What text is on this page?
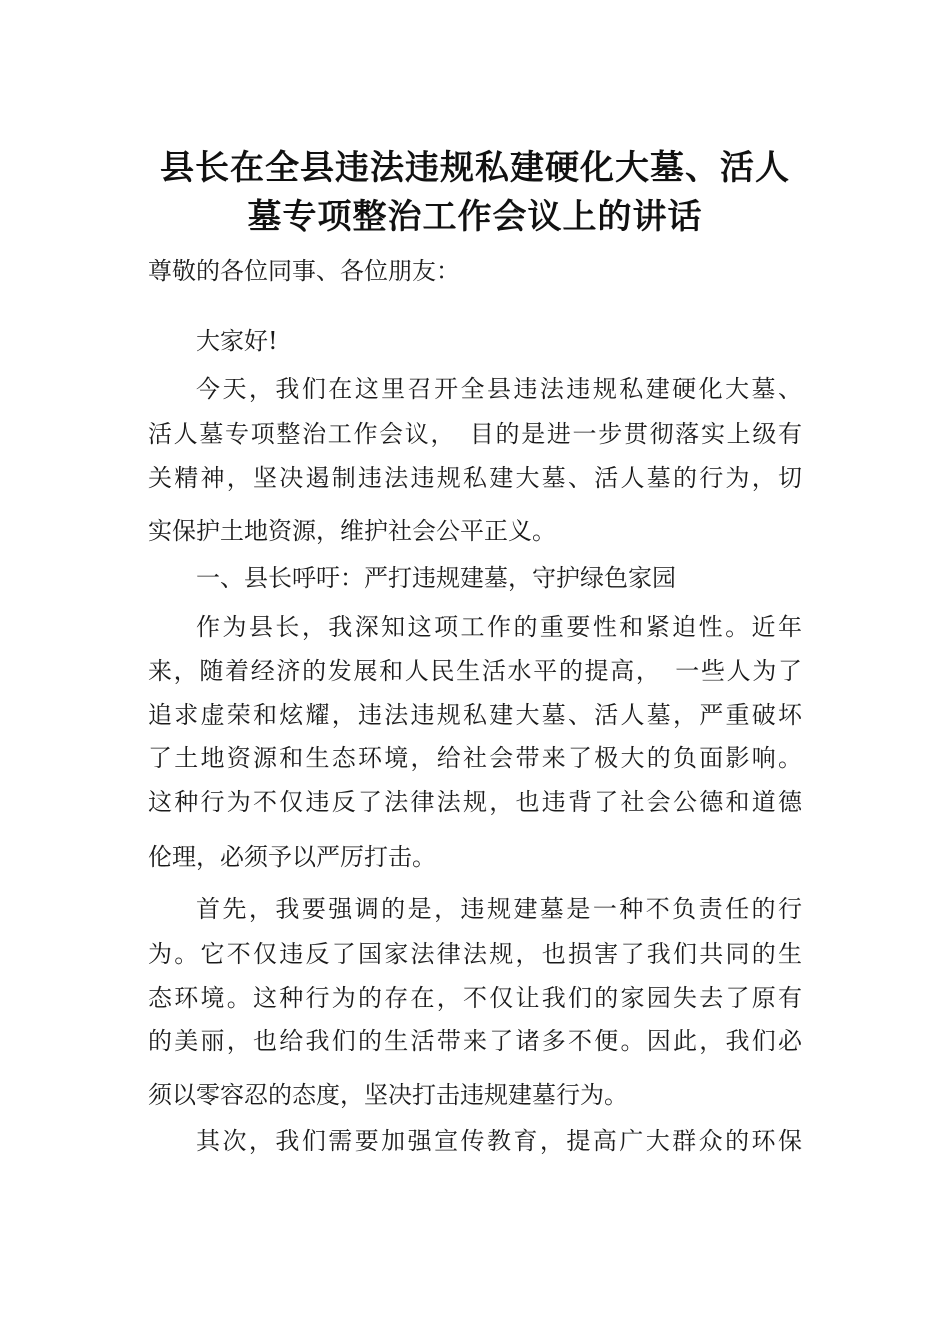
县长在全县违法违规私建硬化大墓、活人
墓专项整治工作会议上的讲话

尊敬的各位同事、各位朋友：

大家好!

今天，我们在这里召开全县违法违规私建硬化大墓、

活人墓专项整治工作会议，　目的是进一步贯彻落实上级有

关精神，坚决遏制违法违规私建大墓、活人墓的行为，切

实保护土地资源，维护社会公平正义。

一、县长呼吁：严打违规建墓，守护绿色家园

作为县长，我深知这项工作的重要性和紧迫性。近年

来，随着经济的发展和人民生活水平的提高，　一些人为了

追求虚荣和炫耀，违法违规私建大墓、活人墓，严重破坏

了土地资源和生态环境，给社会带来了极大的负面影响。

这种行为不仅违反了法律法规，也违背了社会公德和道德

伦理，必须予以严厉打击。

首先，我要强调的是，违规建墓是一种不负责任的行

为。它不仅违反了国家法律法规，也损害了我们共同的生

态环境。这种行为的存在，不仅让我们的家园失去了原有

的美丽，也给我们的生活带来了诸多不便。因此，我们必

须以零容忍的态度，坚决打击违规建墓行为。

其次，我们需要加强宣传教育，提高广大群众的环保
